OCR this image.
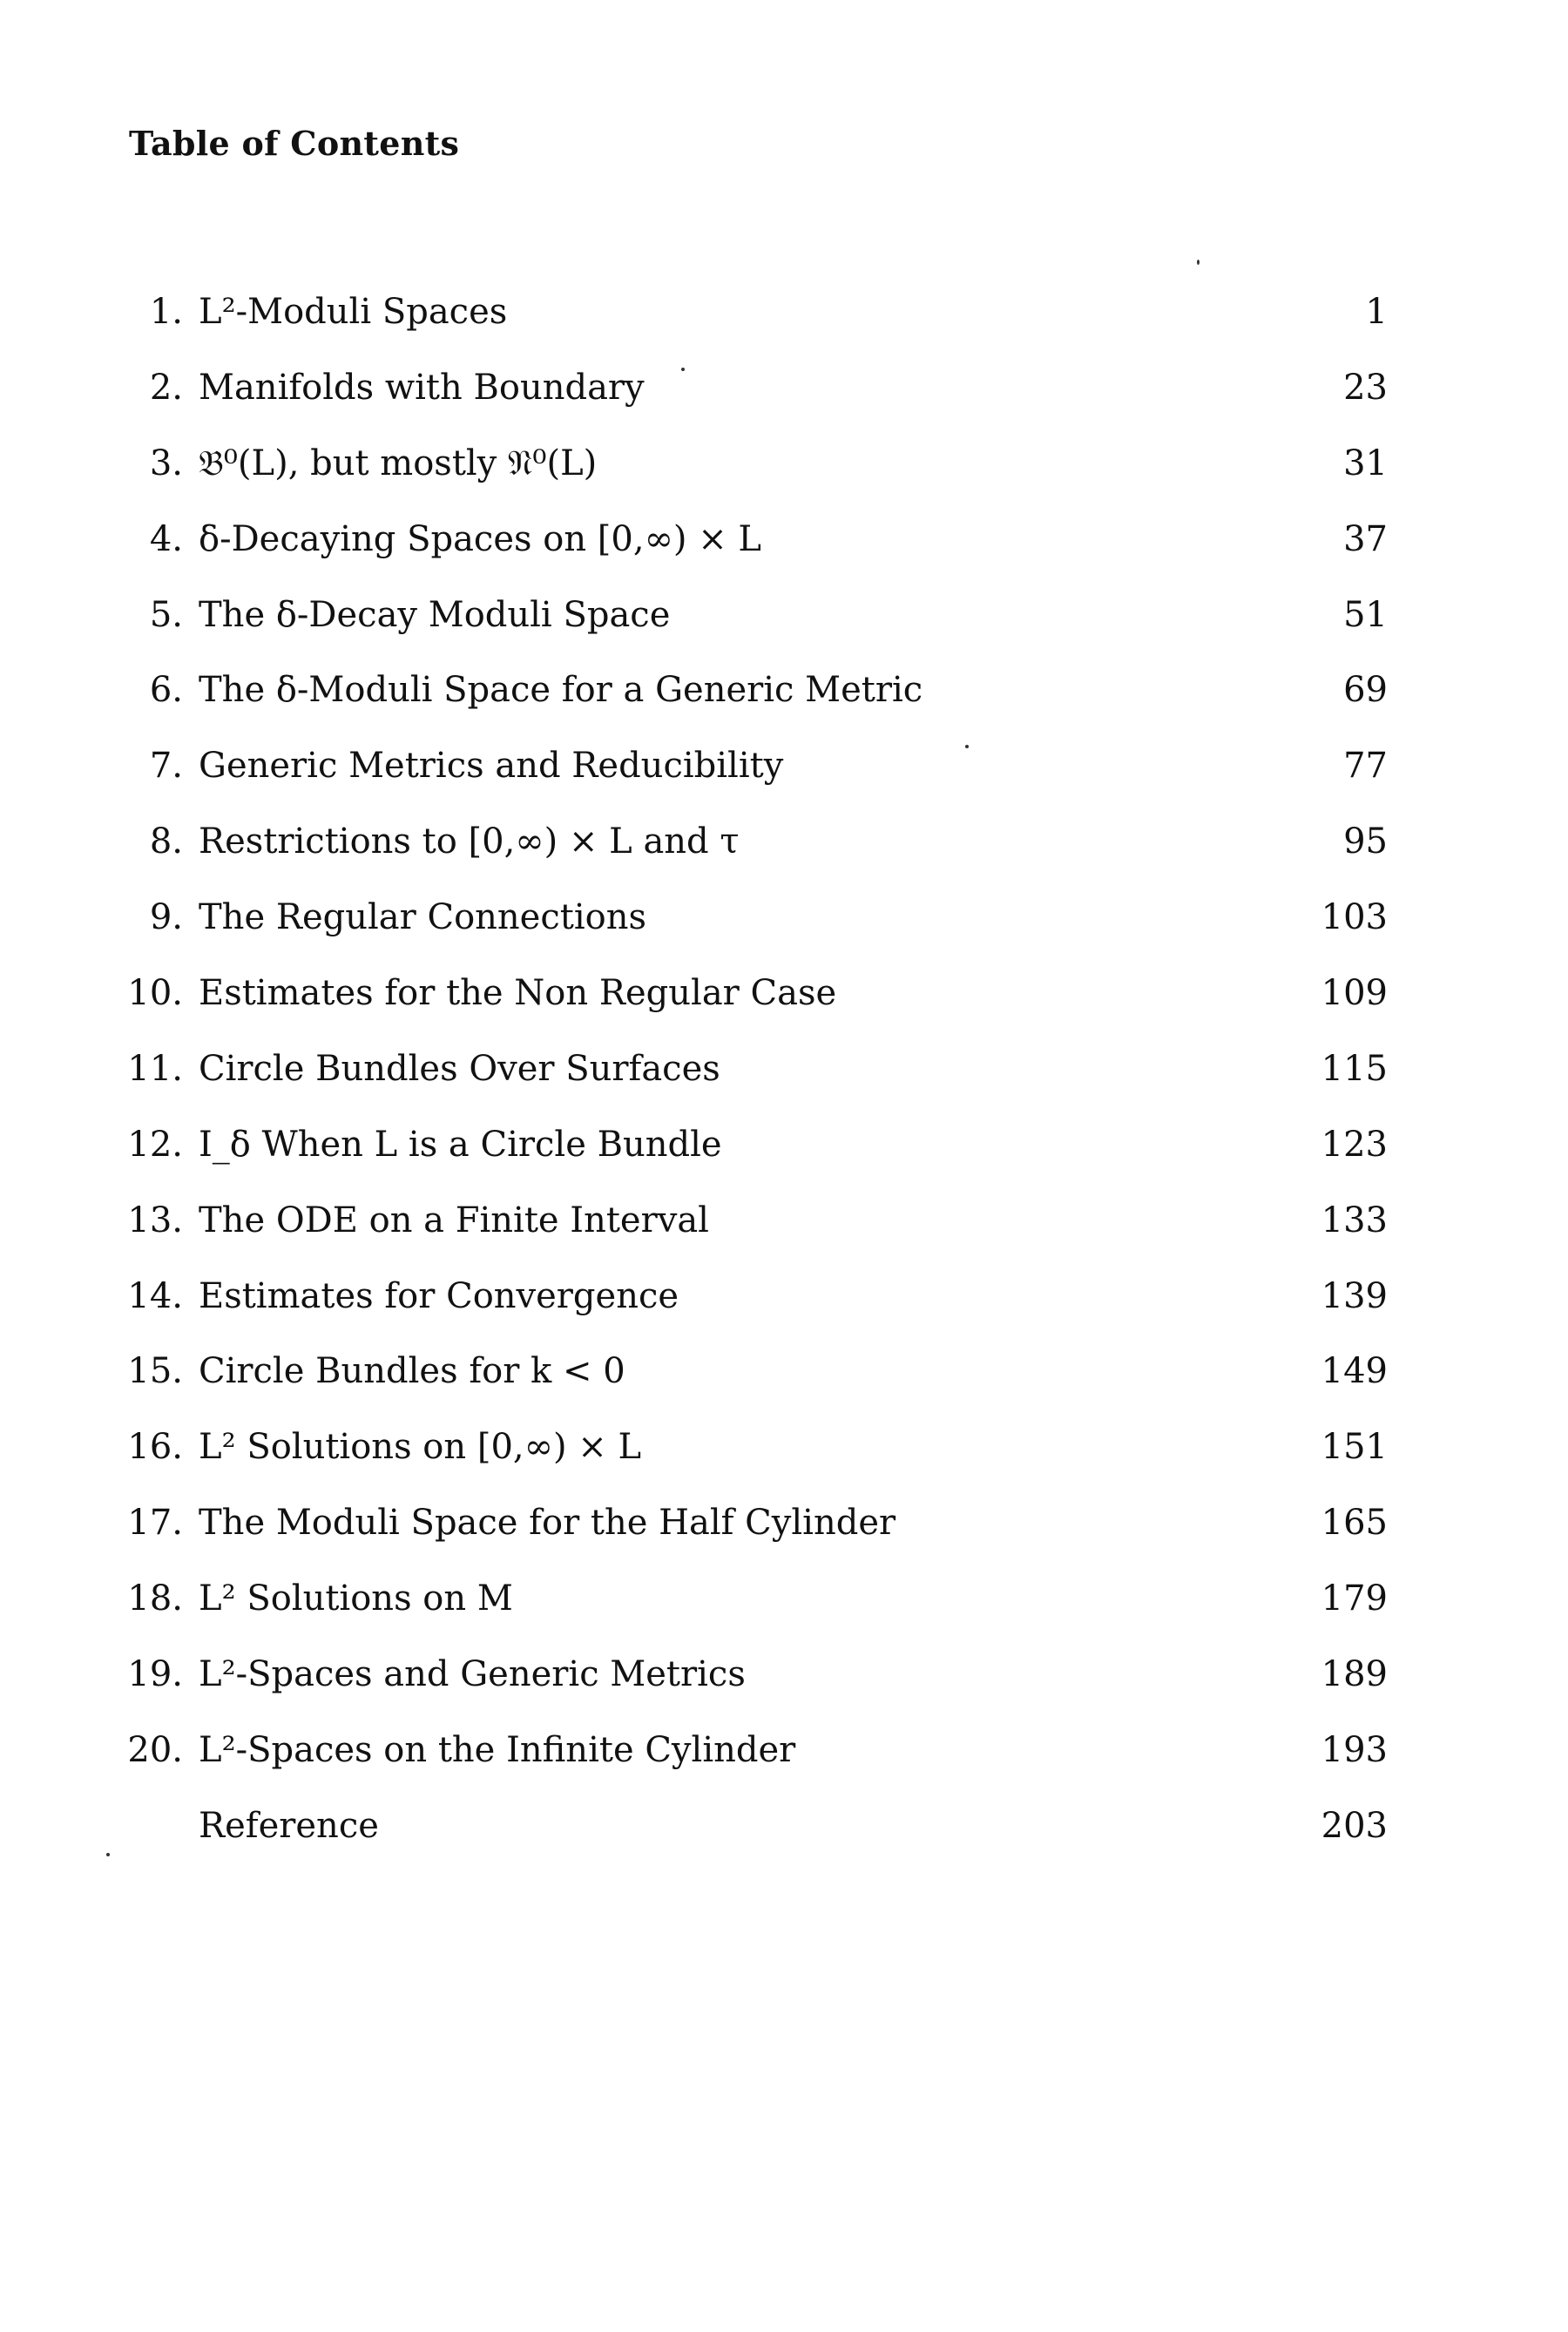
Table of Contents
1. L²-Moduli Spaces	1
2. Manifolds with Boundary	23
3. 𝔅⁰(L), but mostly 𝔑⁰(L)	31
4. δ-Decaying Spaces on [0,∞) × L	37
5. The δ-Decay Moduli Space	51
6. The δ-Moduli Space for a Generic Metric	69
7. Generic Metrics and Reducibility	77
8. Restrictions to [0,∞) × L and τ	95
9. The Regular Connections	103
10. Estimates for the Non Regular Case	109
11. Circle Bundles Over Surfaces	115
12. I_δ When L is a Circle Bundle	123
13. The ODE on a Finite Interval	133
14. Estimates for Convergence	139
15. Circle Bundles for k < 0	149
16. L² Solutions on [0,∞) × L	151
17. The Moduli Space for the Half Cylinder	165
18. L² Solutions on M	179
19. L²-Spaces and Generic Metrics	189
20. L²-Spaces on the Infinite Cylinder	193
Reference	203
